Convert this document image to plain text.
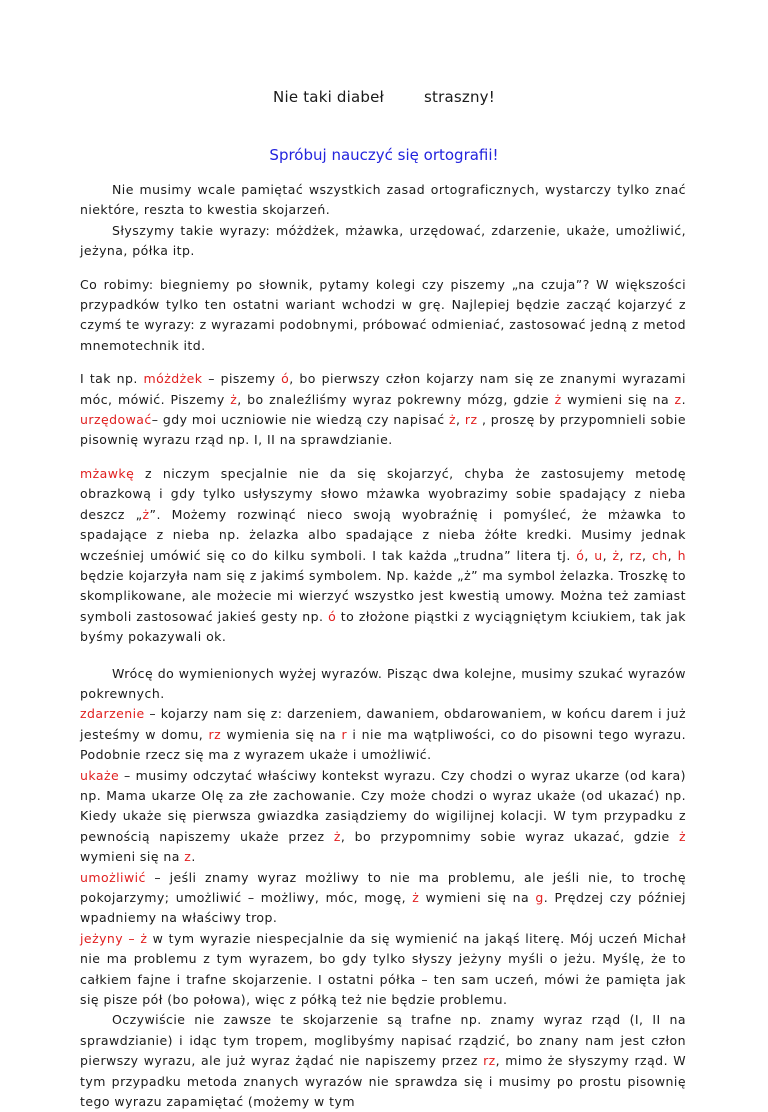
Nie taki diabeł	straszny!
Spróbuj nauczyć się ortografii!

Nie musimy wcale pamiętać wszystkich zasad ortograficznych, wystarczy tylko znać niektóre, reszta to kwestia skojarzeń.

Słyszymy takie wyrazy: móżdżek, mżawka, urzędować, zdarzenie, ukaże, umożliwić, jeżyna, półka itp.

Co robimy: biegniemy po słownik, pytamy kolegi czy piszemy „na czuja”? W większości przypadków tylko ten ostatni wariant wchodzi w grę. Najlepiej będzie zacząć kojarzyć z czymś te wyrazy: z wyrazami podobnymi, próbować odmieniać, zastosować jedną z metod mnemotechnik itd.

I tak np. móżdżek – piszemy ó, bo pierwszy człon kojarzy nam się ze znanymi wyrazami móc, mówić. Piszemy ż, bo znaleźliśmy wyraz pokrewny mózg, gdzie ż wymieni się na z. urzędować– gdy moi uczniowie nie wiedzą czy napisać ż, rz , proszę by przypomnieli sobie pisownię wyrazu rząd np. I, II na sprawdzianie.

mżawkę z niczym specjalnie nie da się skojarzyć, chyba że zastosujemy metodę obrazkową i gdy tylko usłyszymy słowo mżawka wyobrazimy sobie spadający z nieba deszcz „ż”. Możemy rozwinąć nieco swoją wyobraźnię i pomyśleć, że mżawka to spadające z nieba np. żelazka albo spadające z nieba żółte kredki. Musimy jednak wcześniej umówić się co do kilku symboli. I tak każda „trudna” litera tj. ó, u, ż, rz, ch, h będzie kojarzyła nam się z jakimś symbolem. Np. każde „ż” ma symbol żelazka. Troszkę to skomplikowane, ale możecie mi wierzyć wszystko jest kwestią umowy. Można też zamiast symboli zastosować jakieś gesty np. ó to złożone piąstki z wyciągniętym kciukiem, tak jak byśmy pokazywali ok.

Wrócę do wymienionych wyżej wyrazów. Pisząc dwa kolejne, musimy szukać wyrazów pokrewnych.

zdarzenie – kojarzy nam się z: darzeniem, dawaniem, obdarowaniem, w końcu darem i już jesteśmy w domu, rz wymienia się na r i nie ma wątpliwości, co do pisowni tego wyrazu. Podobnie rzecz się ma z wyrazem ukaże i umożliwić.

ukaże – musimy odczytać właściwy kontekst wyrazu. Czy chodzi o wyraz ukarze (od kara) np. Mama ukarze Olę za złe zachowanie. Czy może chodzi o wyraz ukaże (od ukazać) np. Kiedy ukaże się pierwsza gwiazdka zasiądziemy do wigilijnej kolacji. W tym przypadku z pewnością napiszemy ukaże przez ż, bo przypomnimy sobie wyraz ukazać, gdzie ż wymieni się na z.

umożliwić – jeśli znamy wyraz możliwy to nie ma problemu, ale jeśli nie, to trochę pokojarzymy; umożliwić – możliwy, móc, mogę, ż wymieni się na g. Prędzej czy później wpadniemy na właściwy trop.

jeżyny – ż w tym wyrazie niespecjalnie da się wymienić na jakąś literę. Mój uczeń Michał nie ma problemu z tym wyrazem, bo gdy tylko słyszy jeżyny myśli o jeżu. Myślę, że to całkiem fajne i trafne skojarzenie. I ostatni półka – ten sam uczeń, mówi że pamięta jak się pisze pół (bo połowa), więc z półką też nie będzie problemu.

Oczywiście nie zawsze te skojarzenie są trafne np. znamy wyraz rząd (I, II na sprawdzianie) i idąc tym tropem, moglibyśmy napisać rządzić, bo znany nam jest człon pierwszy wyrazu, ale już wyraz żądać nie napiszemy przez rz, mimo że słyszymy rząd. W tym przypadku metoda znanych wyrazów nie sprawdza się i musimy po prostu pisownię tego wyrazu zapamiętać (możemy w tym
